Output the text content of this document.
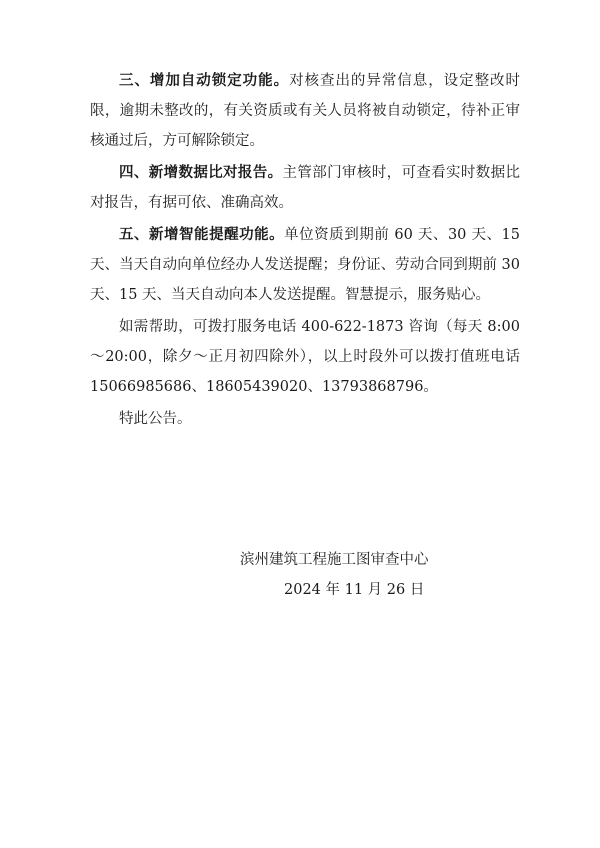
三、增加自动锁定功能。对核查出的异常信息，设定整改时限，逾期未整改的，有关资质或有关人员将被自动锁定，待补正审核通过后，方可解除锁定。

四、新增数据比对报告。主管部门审核时，可查看实时数据比对报告，有据可依、准确高效。

五、新增智能提醒功能。单位资质到期前 60 天、30 天、15 天、当天自动向单位经办人发送提醒；身份证、劳动合同到期前 30 天、15 天、当天自动向本人发送提醒。智慧提示，服务贴心。

如需帮助，可拨打服务电话 400-622-1873 咨询（每天 8:00～20:00，除夕～正月初四除外），以上时段外可以拨打值班电话 15066985686、18605439020、13793868796。

特此公告。

滨州建筑工程施工图审查中心
2024 年 11 月 26 日
